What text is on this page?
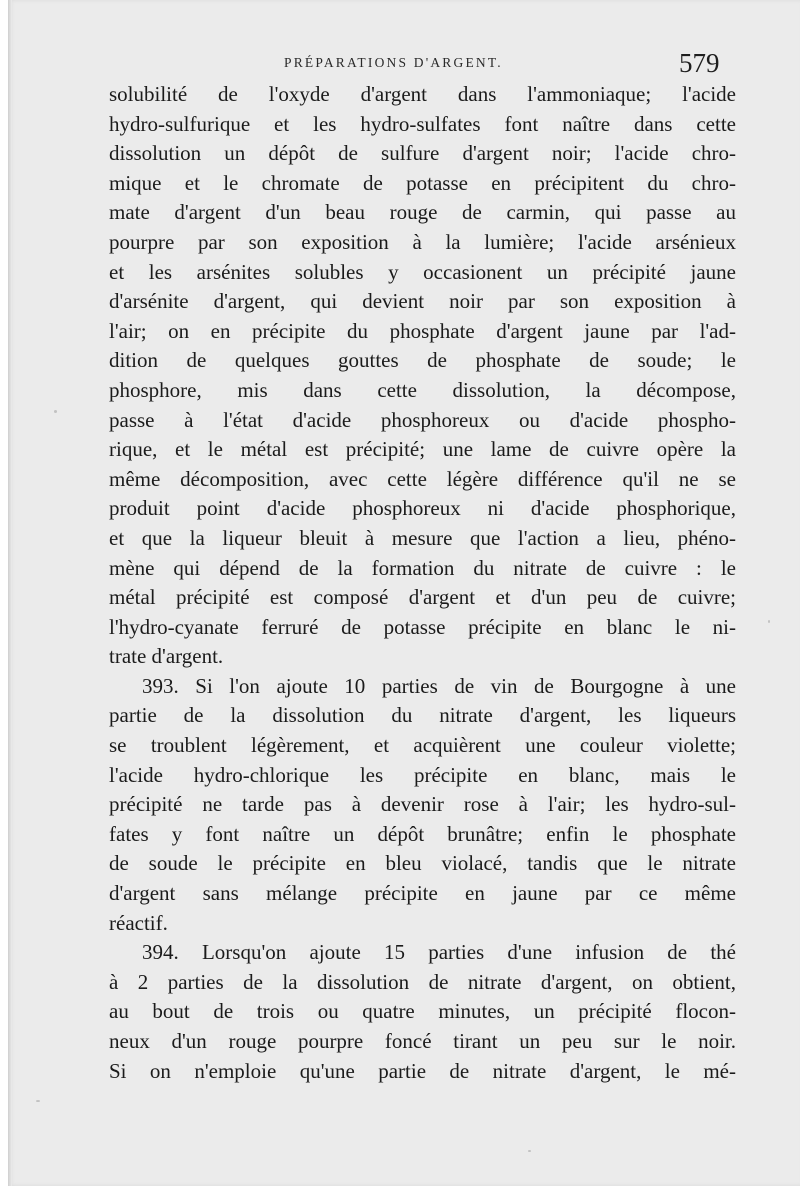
PRÉPARATIONS D'ARGENT.	579
solubilité de l'oxyde d'argent dans l'ammoniaque; l'acide
hydro-sulfurique et les hydro-sulfates font naître dans cette
dissolution un dépôt de sulfure d'argent noir; l'acide chro-
mique et le chromate de potasse en précipitent du chro-
mate d'argent d'un beau rouge de carmin, qui passe au
pourpre par son exposition à la lumière; l'acide arsénieux
et les arsénites solubles y occasionent un précipité jaune
d'arsénite d'argent, qui devient noir par son exposition à
l'air; on en précipite du phosphate d'argent jaune par l'ad-
dition de quelques gouttes de phosphate de soude; le
phosphore, mis dans cette dissolution, la décompose,
passe à l'état d'acide phosphoreux ou d'acide phospho-
rique, et le métal est précipité; une lame de cuivre opère la
même décomposition, avec cette légère différence qu'il ne se
produit point d'acide phosphoreux ni d'acide phosphorique,
et que la liqueur bleuit à mesure que l'action a lieu, phéno-
mène qui dépend de la formation du nitrate de cuivre : le
métal précipité est composé d'argent et d'un peu de cuivre;
l'hydro-cyanate ferruré de potasse précipite en blanc le ni-
trate d'argent.
393. Si l'on ajoute 10 parties de vin de Bourgogne à une
partie de la dissolution du nitrate d'argent, les liqueurs
se troublent légèrement, et acquièrent une couleur violette;
l'acide hydro-chlorique les précipite en blanc, mais le
précipité ne tarde pas à devenir rose à l'air; les hydro-sul-
fates y font naître un dépôt brunâtre; enfin le phosphate
de soude le précipite en bleu violacé, tandis que le nitrate
d'argent sans mélange précipite en jaune par ce même
réactif.
394. Lorsqu'on ajoute 15 parties d'une infusion de thé
à 2 parties de la dissolution de nitrate d'argent, on obtient,
au bout de trois ou quatre minutes, un précipité flocon-
neux d'un rouge pourpre foncé tirant un peu sur le noir.
Si on n'emploie qu'une partie de nitrate d'argent, le mé-
